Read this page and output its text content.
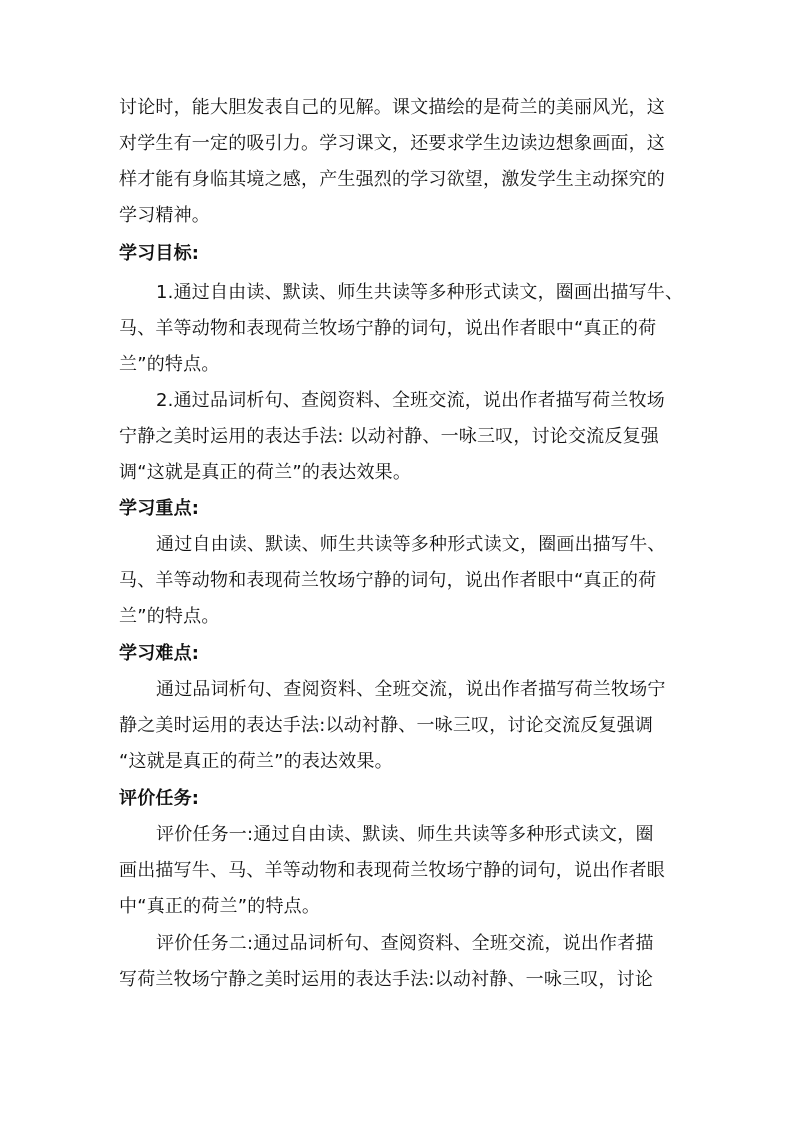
讨论时，能大胆发表自己的见解。课文描绘的是荷兰的美丽风光，这
对学生有一定的吸引力。学习课文，还要求学生边读边想象画面，这
样才能有身临其境之感，产生强烈的学习欲望，激发学生主动探究的
学习精神。
学习目标:
1.通过自由读、默读、师生共读等多种形式读文，圈画出描写牛、
马、羊等动物和表现荷兰牧场宁静的词句，说出作者眼中“真正的荷
兰”的特点。
2.通过品词析句、查阅资料、全班交流，说出作者描写荷兰牧场
宁静之美时运用的表达手法: 以动衬静、一咏三叹，讨论交流反复强
调“这就是真正的荷兰”的表达效果。
学习重点:
通过自由读、默读、师生共读等多种形式读文，圈画出描写牛、
马、羊等动物和表现荷兰牧场宁静的词句，说出作者眼中“真正的荷
兰”的特点。
学习难点:
通过品词析句、查阅资料、全班交流，说出作者描写荷兰牧场宁
静之美时运用的表达手法:以动衬静、一咏三叹，讨论交流反复强调
“这就是真正的荷兰”的表达效果。
评价任务:
评价任务一:通过自由读、默读、师生共读等多种形式读文，圈
画出描写牛、马、羊等动物和表现荷兰牧场宁静的词句，说出作者眼
中“真正的荷兰”的特点。
评价任务二:通过品词析句、查阅资料、全班交流，说出作者描
写荷兰牧场宁静之美时运用的表达手法:以动衬静、一咏三叹，讨论
